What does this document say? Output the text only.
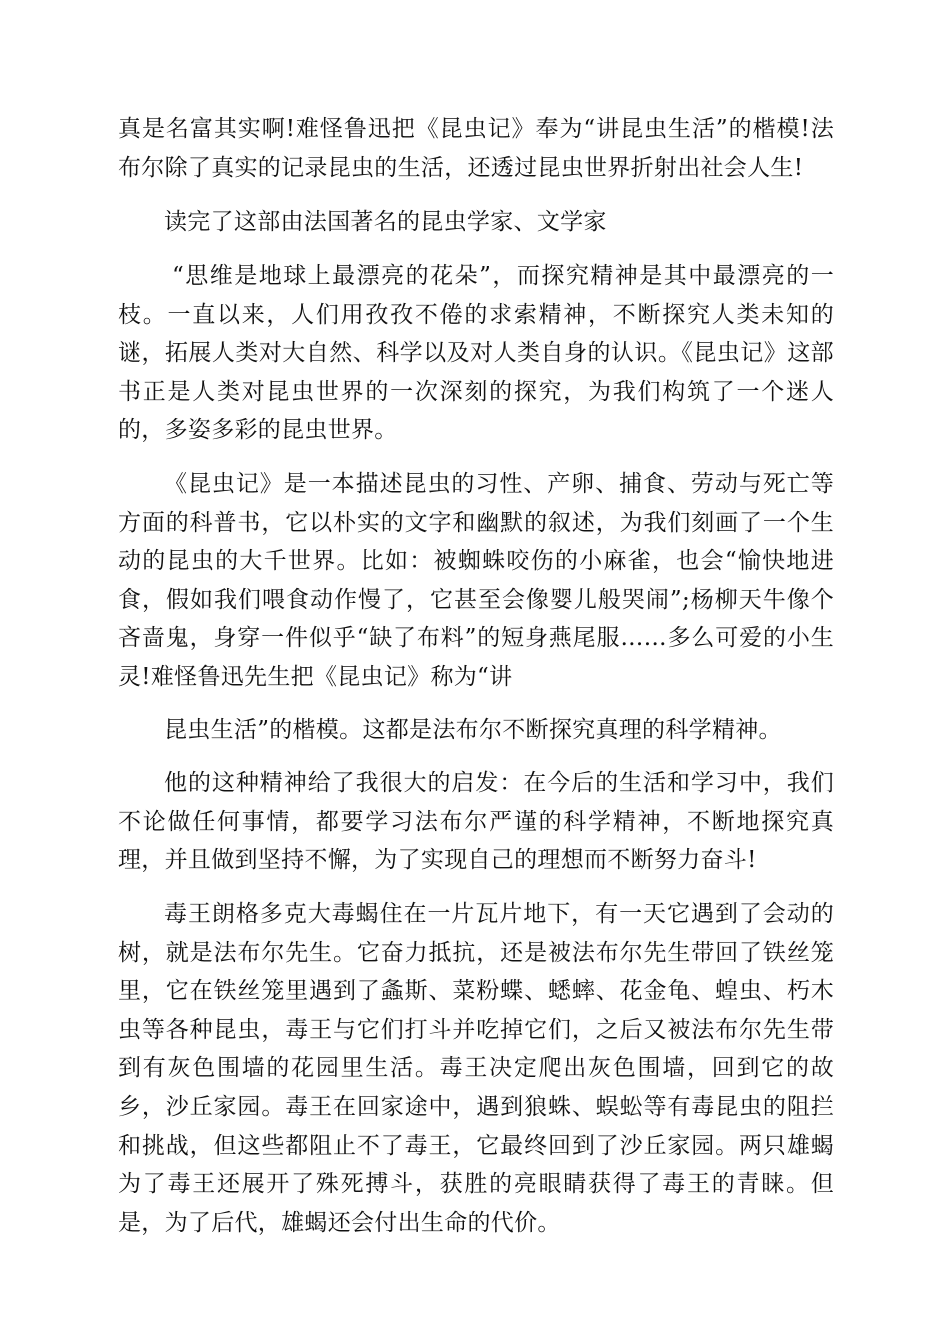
真是名富其实啊!难怪鲁迅把《昆虫记》奉为“讲昆虫生活”的楷模!法布尔除了真实的记录昆虫的生活，还透过昆虫世界折射出社会人生!

读完了这部由法国著名的昆虫学家、文学家

“思维是地球上最漂亮的花朵”，而探究精神是其中最漂亮的一枝。一直以来，人们用孜孜不倦的求索精神，不断探究人类未知的谜，拓展人类对大自然、科学以及对人类自身的认识。《昆虫记》这部书正是人类对昆虫世界的一次深刻的探究，为我们构筑了一个迷人的，多姿多彩的昆虫世界。

《昆虫记》是一本描述昆虫的习性、产卵、捕食、劳动与死亡等方面的科普书，它以朴实的文字和幽默的叙述，为我们刻画了一个生动的昆虫的大千世界。比如：被蜘蛛咬伤的小麻雀，也会“愉快地进食，假如我们喂食动作慢了，它甚至会像婴儿般哭闹”;杨柳天牛像个吝啬鬼，身穿一件似乎“缺了布料”的短身燕尾服……多么可爱的小生灵!难怪鲁迅先生把《昆虫记》称为“讲

昆虫生活”的楷模。这都是法布尔不断探究真理的科学精神。

他的这种精神给了我很大的启发：在今后的生活和学习中，我们不论做任何事情，都要学习法布尔严谨的科学精神，不断地探究真理，并且做到坚持不懈，为了实现自己的理想而不断努力奋斗!

毒王朗格多克大毒蝎住在一片瓦片地下，有一天它遇到了会动的树，就是法布尔先生。它奋力抵抗，还是被法布尔先生带回了铁丝笼里，它在铁丝笼里遇到了螽斯、菜粉蝶、蟋蟀、花金龟、蝗虫、朽木虫等各种昆虫，毒王与它们打斗并吃掉它们，之后又被法布尔先生带到有灰色围墙的花园里生活。毒王决定爬出灰色围墙，回到它的故乡，沙丘家园。毒王在回家途中，遇到狼蛛、蜈蚣等有毒昆虫的阻拦和挑战，但这些都阻止不了毒王，它最终回到了沙丘家园。两只雄蝎为了毒王还展开了殊死搏斗，获胜的亮眼睛获得了毒王的青睐。但是，为了后代，雄蝎还会付出生命的代价。
